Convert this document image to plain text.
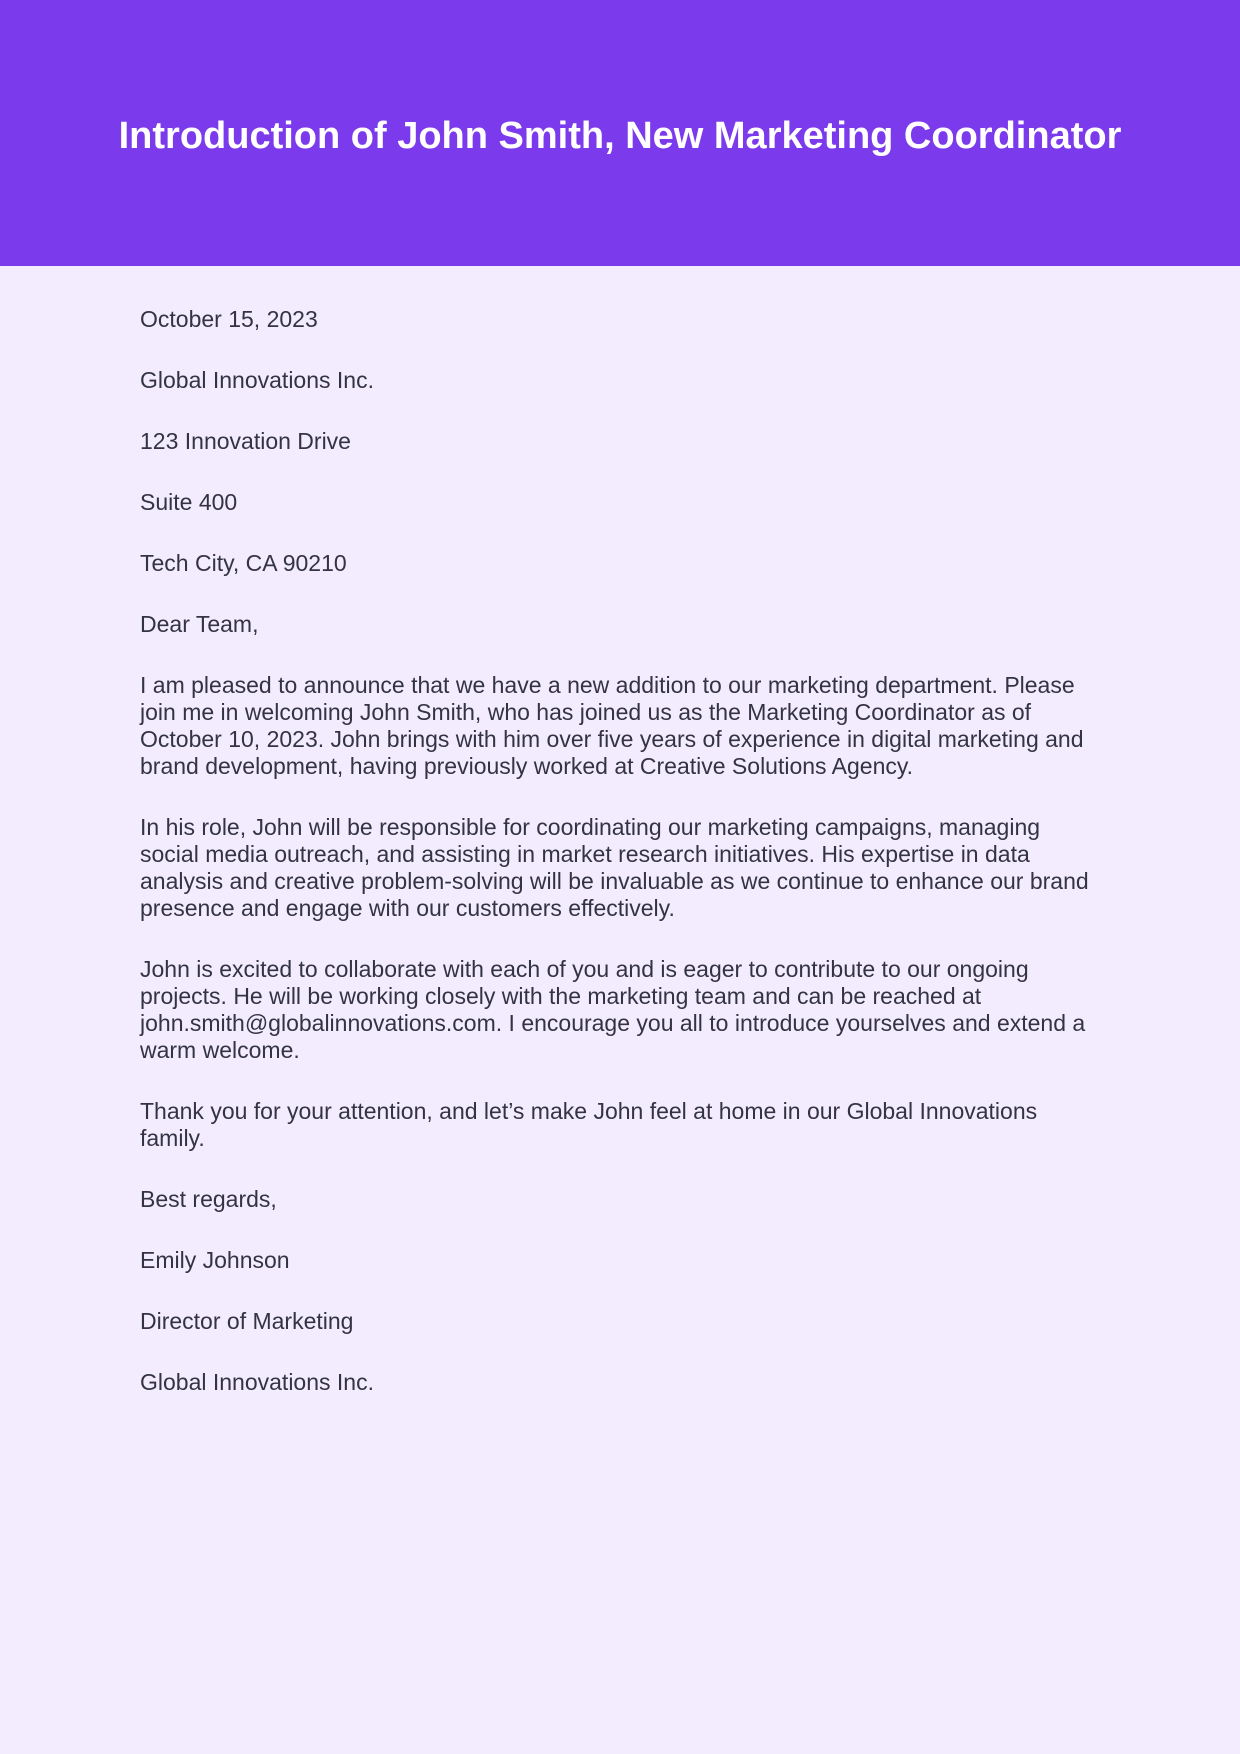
Introduction of John Smith, New Marketing Coordinator

October 15, 2023

Global Innovations Inc.

123 Innovation Drive

Suite 400

Tech City, CA 90210

Dear Team,

I am pleased to announce that we have a new addition to our marketing department. Please join me in welcoming John Smith, who has joined us as the Marketing Coordinator as of October 10, 2023. John brings with him over five years of experience in digital marketing and brand development, having previously worked at Creative Solutions Agency.

In his role, John will be responsible for coordinating our marketing campaigns, managing social media outreach, and assisting in market research initiatives. His expertise in data analysis and creative problem-solving will be invaluable as we continue to enhance our brand presence and engage with our customers effectively.

John is excited to collaborate with each of you and is eager to contribute to our ongoing projects. He will be working closely with the marketing team and can be reached at john.smith@globalinnovations.com. I encourage you all to introduce yourselves and extend a warm welcome.

Thank you for your attention, and let’s make John feel at home in our Global Innovations family.

Best regards,

Emily Johnson

Director of Marketing

Global Innovations Inc.
